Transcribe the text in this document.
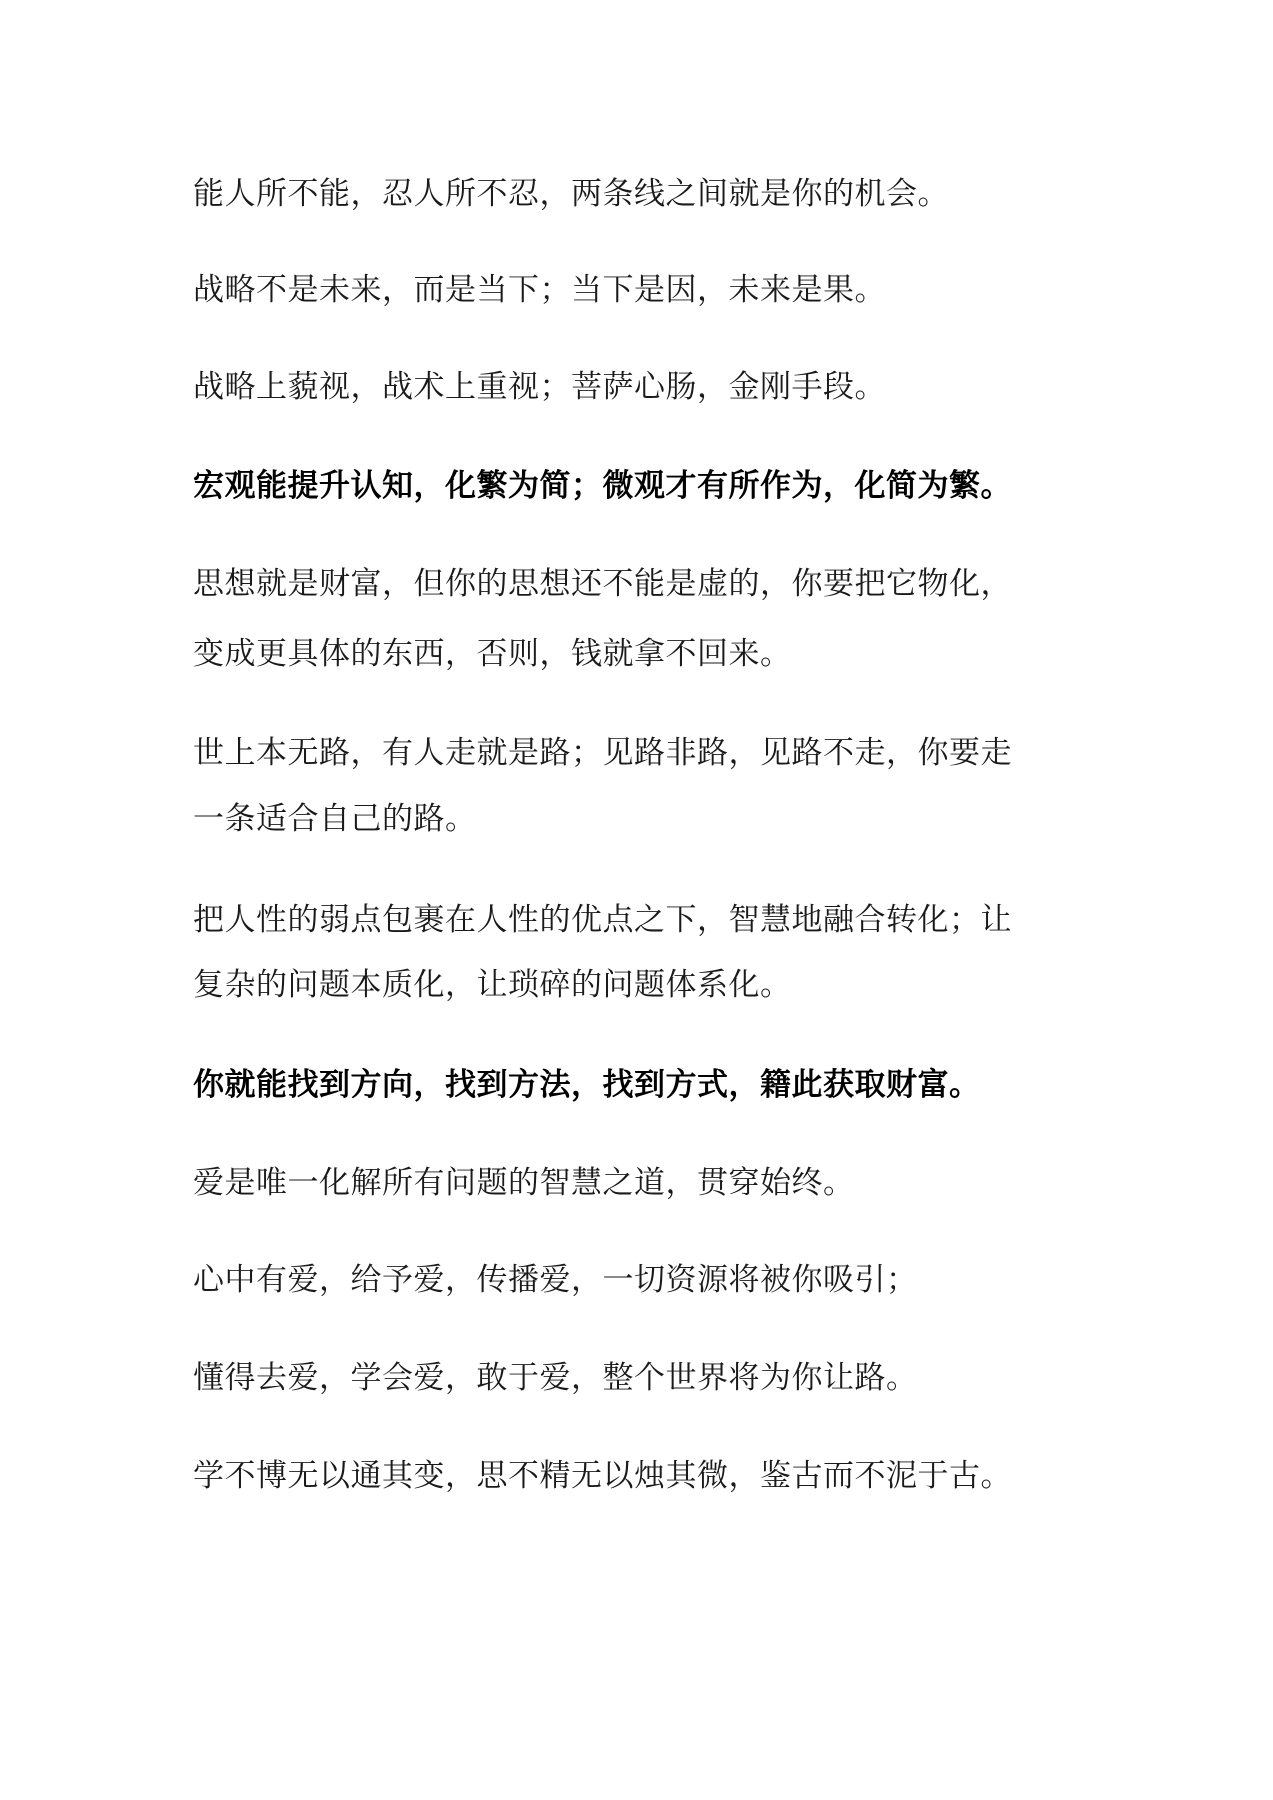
能人所不能，忍人所不忍，两条线之间就是你的机会。

战略不是未来，而是当下；当下是因，未来是果。

战略上藐视，战术上重视；菩萨心肠，金刚手段。

宏观能提升认知，化繁为简；微观才有所作为，化简为繁。

思想就是财富，但你的思想还不能是虚的，你要把它物化，

变成更具体的东西，否则，钱就拿不回来。

世上本无路，有人走就是路；见路非路，见路不走，你要走

一条适合自己的路。

把人性的弱点包裹在人性的优点之下，智慧地融合转化；让

复杂的问题本质化，让琐碎的问题体系化。

你就能找到方向，找到方法，找到方式，籍此获取财富。

爱是唯一化解所有问题的智慧之道，贯穿始终。

心中有爱，给予爱，传播爱，一切资源将被你吸引；

懂得去爱，学会爱，敢于爱，整个世界将为你让路。

学不博无以通其变，思不精无以烛其微，鉴古而不泥于古。
